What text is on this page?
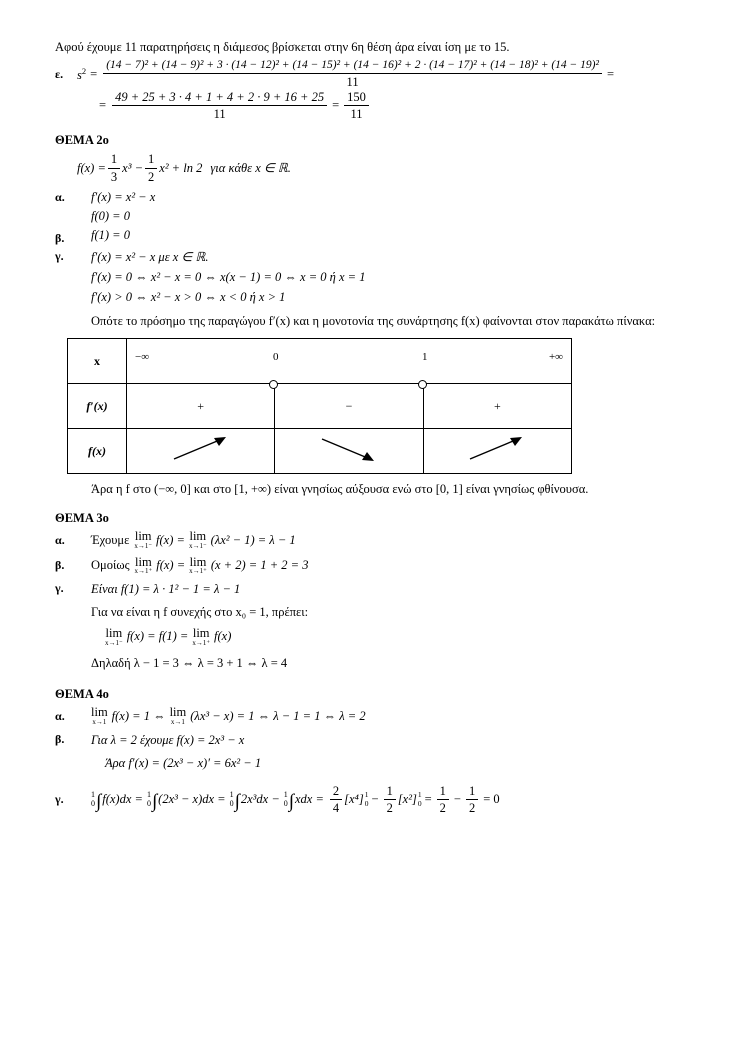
Αφού έχουμε 11 παρατηρήσεις η διάμεσος βρίσκεται στην 6η θέση άρα είναι ίση με το 15.
ε.	$s^2$ =
(14 − 7)² + (14 − 9)² + 3 · (14 − 12)² + (14 − 15)² + (14 − 16)² + 2 · (14 − 17)² + (14 − 18)² + (14 − 19)²
11
=
= $\frac{49 + 25 + 3 \cdot 4 + 1 + 4 + 2 \cdot 9 + 16 + 25}{11} = \frac{150}{11}$
ΘΕΜΑ 2ο
$f(x) = \frac{1}{3} x^3 - \frac{1}{2} x^2 + \ln 2$ για κάθε x ∈ ℝ.
α.	f′(x) = x² − x
β.
f(0) = 0
f(1) = 0
γ.	f′(x) = x² − x με x ∈ ℝ.
f′(x) = 0 ⇔ x² − x = 0 ⇔ x(x − 1) = 0 ⇔ x = 0 ή x = 1
f′(x) > 0 ⇔ x² − x > 0 ⇔ x < 0 ή x > 1
Οπότε το πρόσημο της παραγώγου f′(x) και η μονοτονία της συνάρτησης f(x) φαίνονται στον παρακάτω πίνακα:
x	−∞ 0 1 +∞		

f′(x)	+	−	+
f(x)			
Άρα η f στο (−∞, 0] και στο [1, +∞) είναι γνησίως αύξουσα ενώ στο [0, 1] είναι γνησίως φθίνουσα.
ΘΕΜΑ 3ο
α.	Έχουμε lim
x→1⁻ f(x) = lim
x→1⁻ (λx² − 1) = λ − 1
β.	Ομοίως lim
x→1⁺ f(x) = lim
x→1⁺ (x + 2) = 1 + 2 = 3
γ.	Είναι f(1) = λ · 1² − 1 = λ − 1
Για να είναι η f συνεχής στο x₀ = 1, πρέπει:
lim
x→1⁻ f(x) = f(1) = lim
x→1⁺ f(x)
Δηλαδή λ − 1 = 3 ⇔ λ = 3 + 1 ⇔ λ = 4
ΘΕΜΑ 4ο
α.	lim
x→1 f(x) = 1 ⇔ lim
x→1 (λx³ − x) = 1 ⇔ λ − 1 = 1 ⇔ λ = 2
β.	Για λ = 2 έχουμε f(x) = 2x³ − x
Άρα f′(x) = (2x³ − x)′ = 6x² − 1
γ.	1
0 ∫ f(x)dx = 1
0 ∫ (2x³ − x)dx = 1
0 ∫ 2x³dx − 1
0 ∫ xdx = $\frac{2}{4} [x^4]$ 1
$0 - \frac{1}{2} [x^2]$ 1
$0 = \frac{1}{2} - \frac{1}{2} = 0$
